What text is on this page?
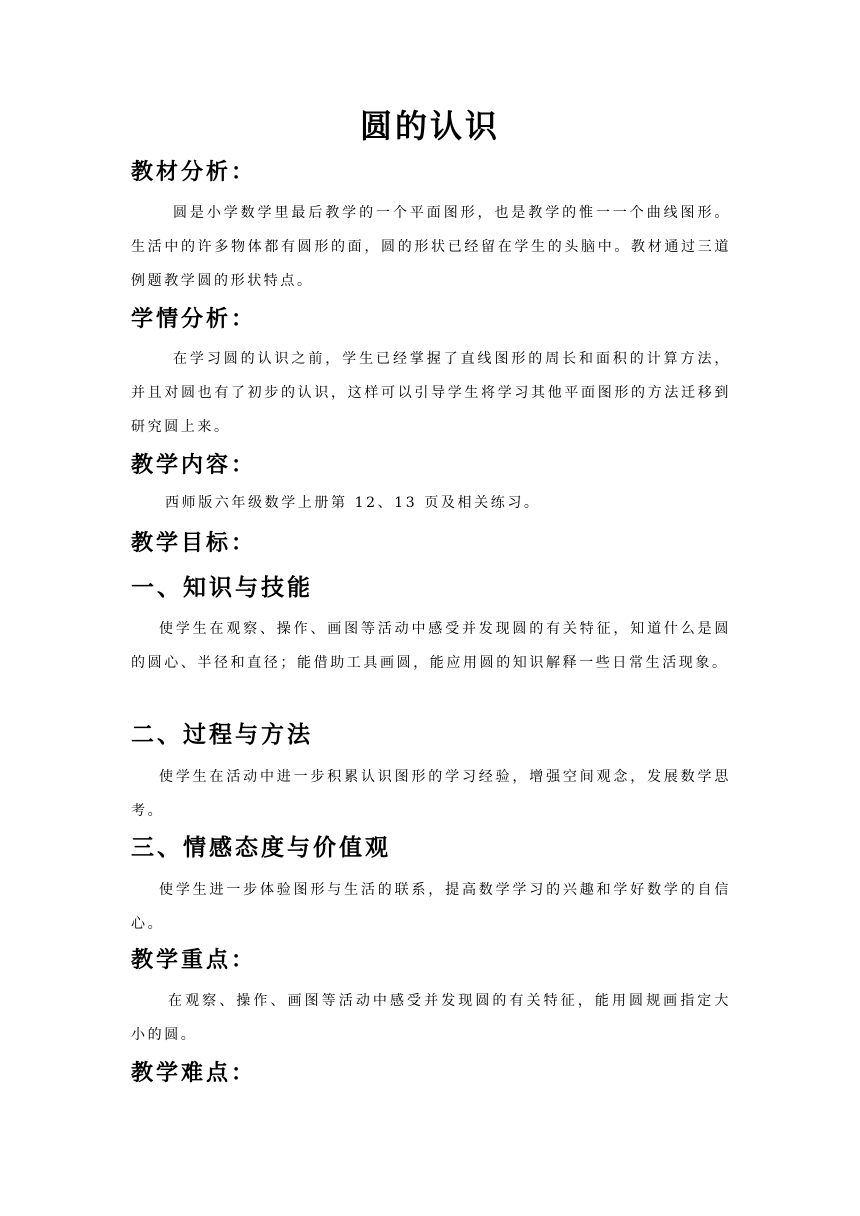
圆的认识
教材分析：
圆是小学数学里最后教学的一个平面图形，也是教学的惟一一个曲线图形。生活中的许多物体都有圆形的面，圆的形状已经留在学生的头脑中。教材通过三道例题教学圆的形状特点。
学情分析：
在学习圆的认识之前，学生已经掌握了直线图形的周长和面积的计算方法，并且对圆也有了初步的认识，这样可以引导学生将学习其他平面图形的方法迁移到研究圆上来。
教学内容：
西师版六年级数学上册第 12、13 页及相关练习。
教学目标：
一、知识与技能
使学生在观察、操作、画图等活动中感受并发现圆的有关特征，知道什么是圆的圆心、半径和直径；能借助工具画圆，能应用圆的知识解释一些日常生活现象。
二、过程与方法
使学生在活动中进一步积累认识图形的学习经验，增强空间观念，发展数学思考。
三、情感态度与价值观
使学生进一步体验图形与生活的联系，提高数学学习的兴趣和学好数学的自信心。
教学重点：
在观察、操作、画图等活动中感受并发现圆的有关特征，能用圆规画指定大小的圆。
教学难点：
